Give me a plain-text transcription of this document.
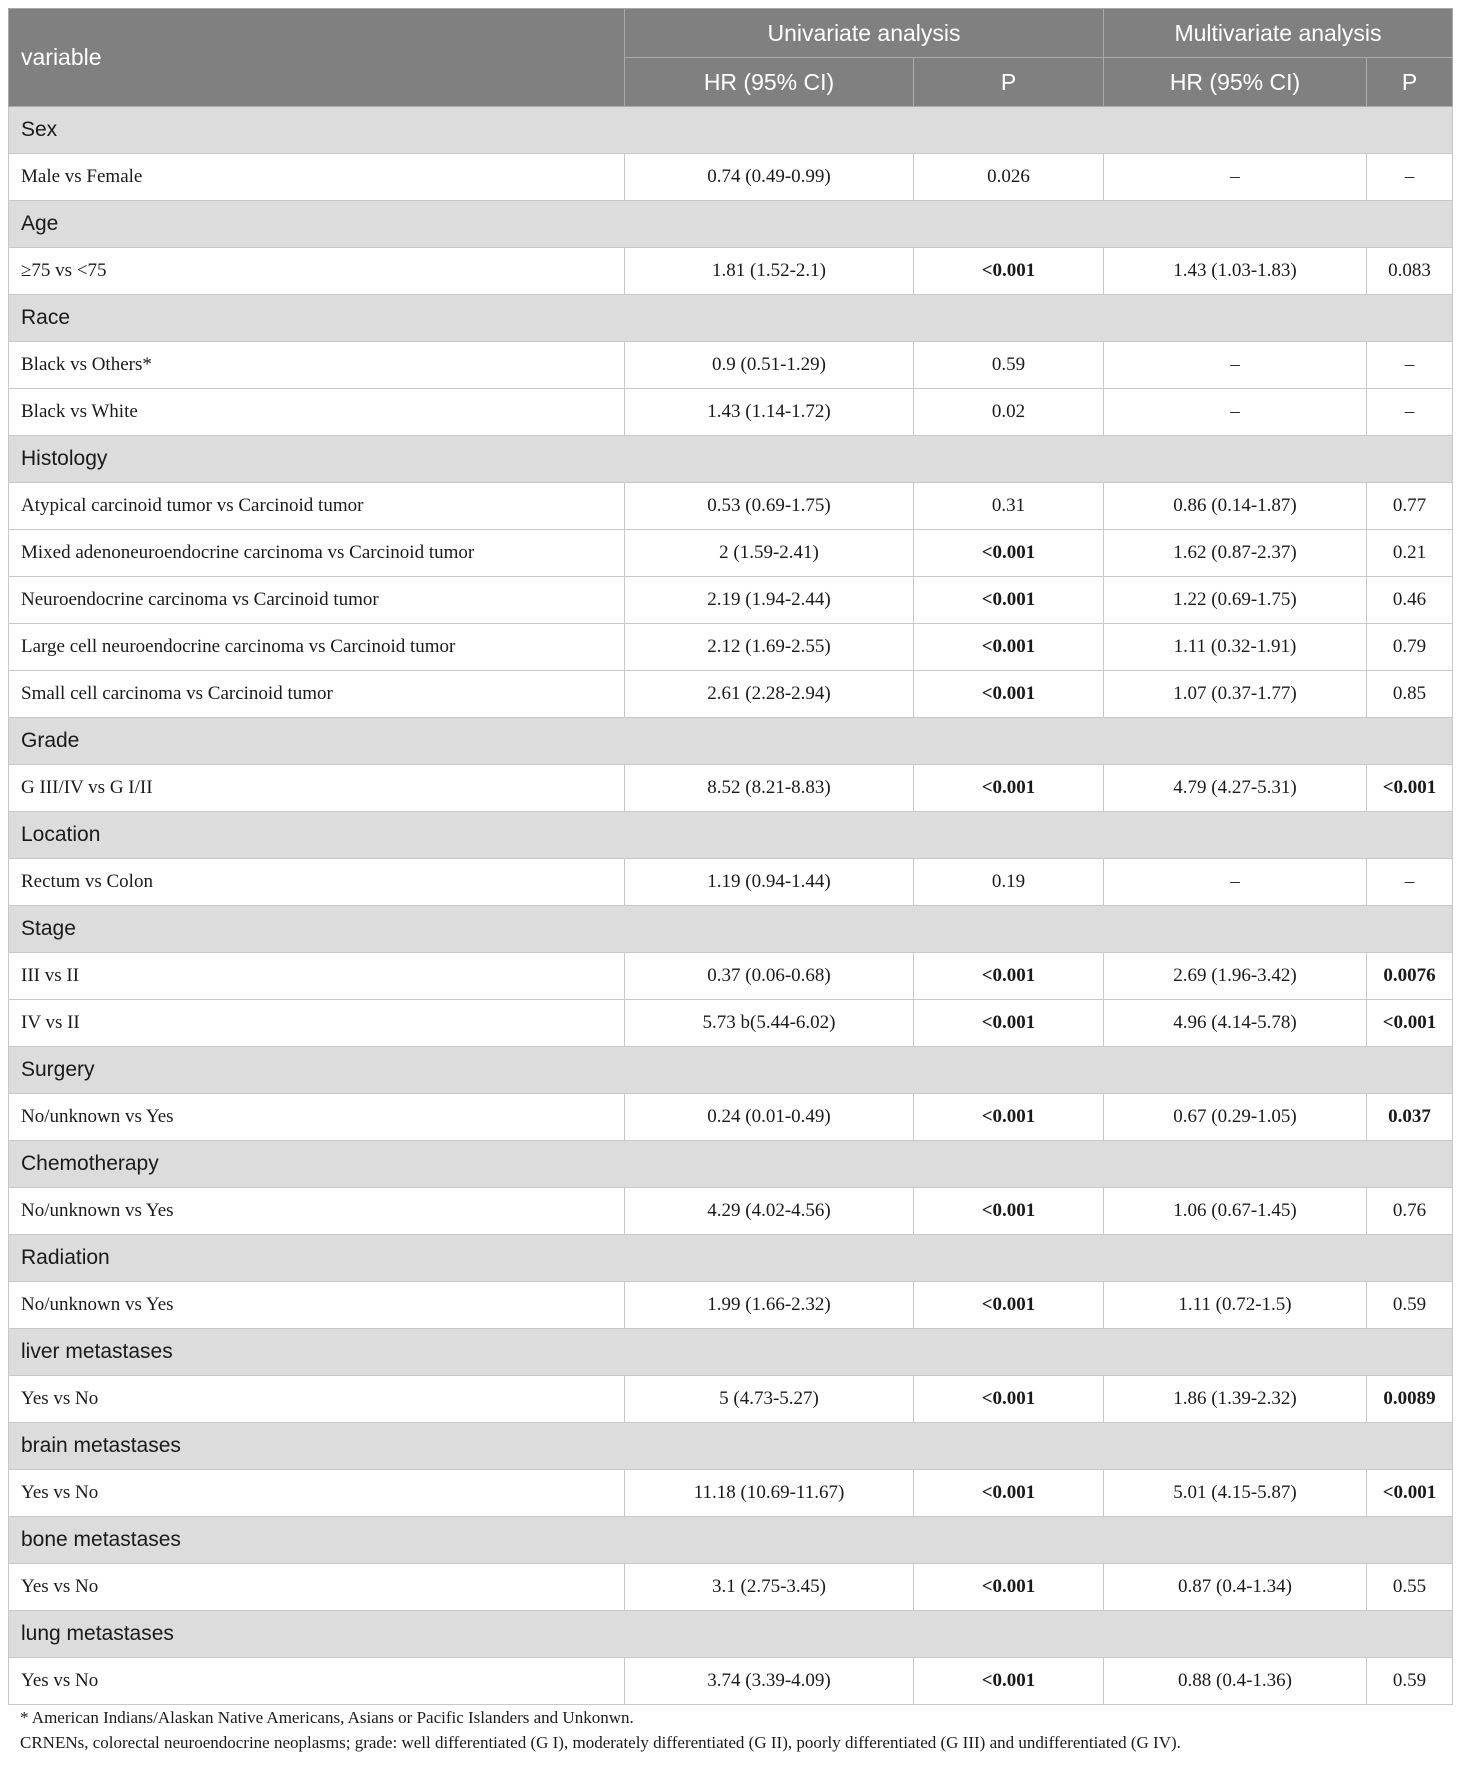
variable	Univariate analysis		Multivariate analysis	
	HR (95% CI)	P	HR (95% CI)	P
Sex				
Male vs Female	0.74 (0.49-0.99)	0.026	–	–
Age				
≥75 vs <75	1.81 (1.52-2.1)	<0.001	1.43 (1.03-1.83)	0.083
Race				
Black vs Others*	0.9 (0.51-1.29)	0.59	–	–
Black vs White	1.43 (1.14-1.72)	0.02	–	–
Histology				
Atypical carcinoid tumor vs Carcinoid tumor	0.53 (0.69-1.75)	0.31	0.86 (0.14-1.87)	0.77
Mixed adenoneuroendocrine carcinoma vs Carcinoid tumor	2 (1.59-2.41)	<0.001	1.62 (0.87-2.37)	0.21
Neuroendocrine carcinoma vs Carcinoid tumor	2.19 (1.94-2.44)	<0.001	1.22 (0.69-1.75)	0.46
Large cell neuroendocrine carcinoma vs Carcinoid tumor	2.12 (1.69-2.55)	<0.001	1.11 (0.32-1.91)	0.79
Small cell carcinoma vs Carcinoid tumor	2.61 (2.28-2.94)	<0.001	1.07 (0.37-1.77)	0.85
Grade				
G III/IV vs G I/II	8.52 (8.21-8.83)	<0.001	4.79 (4.27-5.31)	<0.001
Location				
Rectum vs Colon	1.19 (0.94-1.44)	0.19	–	–
Stage				
III vs II	0.37 (0.06-0.68)	<0.001	2.69 (1.96-3.42)	0.0076
IV vs II	5.73 b(5.44-6.02)	<0.001	4.96 (4.14-5.78)	<0.001
Surgery				
No/unknown vs Yes	0.24 (0.01-0.49)	<0.001	0.67 (0.29-1.05)	0.037
Chemotherapy				
No/unknown vs Yes	4.29 (4.02-4.56)	<0.001	1.06 (0.67-1.45)	0.76
Radiation				
No/unknown vs Yes	1.99 (1.66-2.32)	<0.001	1.11 (0.72-1.5)	0.59
liver metastases				
Yes vs No	5 (4.73-5.27)	<0.001	1.86 (1.39-2.32)	0.0089
brain metastases				
Yes vs No	11.18 (10.69-11.67)	<0.001	5.01 (4.15-5.87)	<0.001
bone metastases				
Yes vs No	3.1 (2.75-3.45)	<0.001	0.87 (0.4-1.34)	0.55
lung metastases				
Yes vs No	3.74 (3.39-4.09)	<0.001	0.88 (0.4-1.36)	0.59

* American Indians/Alaskan Native Americans, Asians or Pacific Islanders and Unkonwn.

CRNENs, colorectal neuroendocrine neoplasms; grade: well differentiated (G I), moderately differentiated (G II), poorly differentiated (G III) and undifferentiated (G IV).
